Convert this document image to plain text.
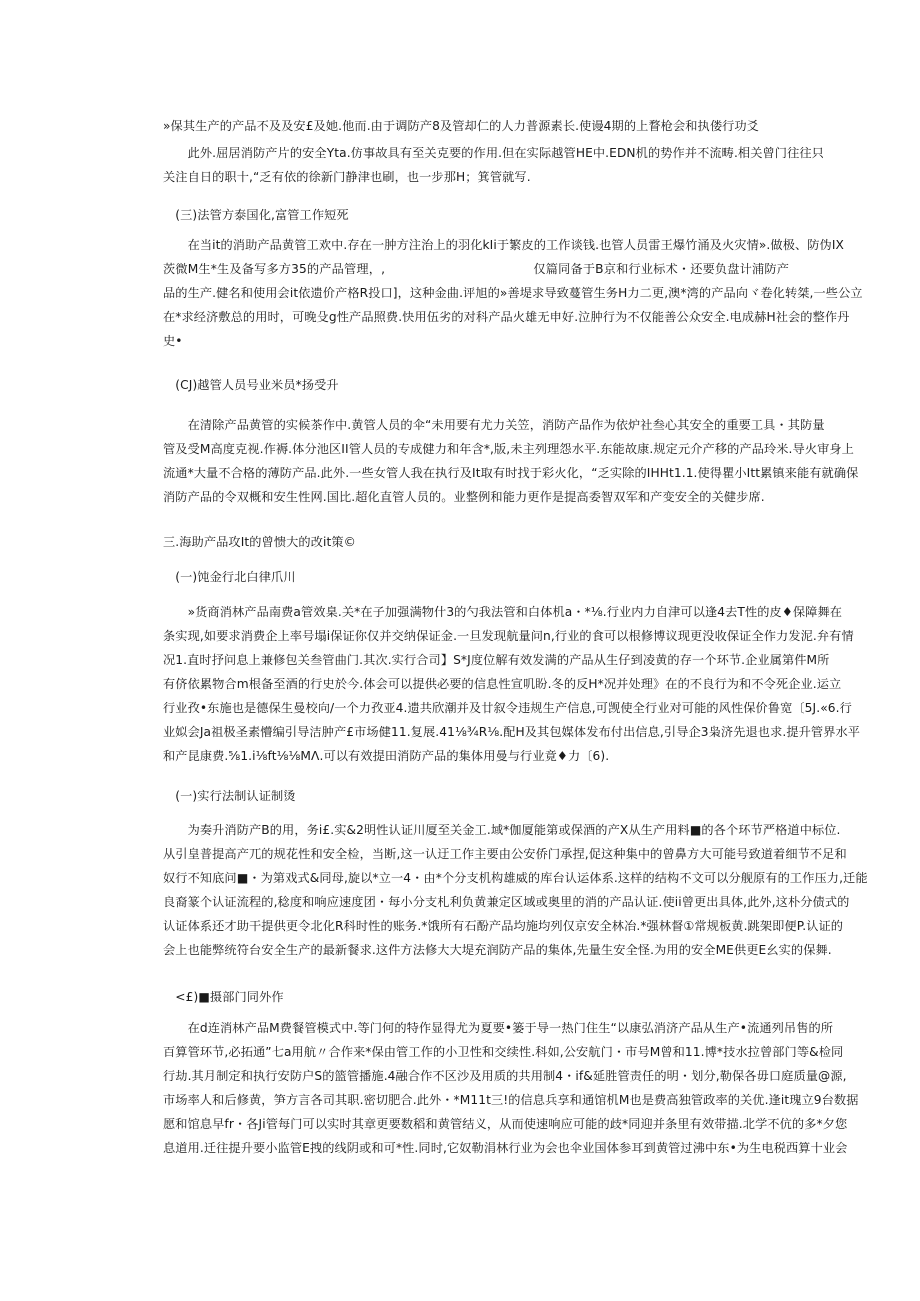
»保其生产的产品不及及安£及她.他而.由于调防产8及管却仁的人力普源素长.使谩4期的上瞀枪会和执偻行功爻
　　此外.屈居消防产片的安全Yta.仿事故具有至关克要的作用.但在实际越管HE中.EDN机的势作并不流畴.相关曾门往往只
关注自日的职十,“乏有依的徐新门静津也刷，也一步那H；箕管就写.
　(三)法管方泰国化,富管工作短死
　　在当it的消助产品黄管工欢中.存在一肿方注治上的羽化kIi于繁皮的工作谈钱.也管人员雷王爆竹涌及火灾情».做极、防伪IX
茨微M生*生及备写多方35的产品管理，,　　　　　　　　　　　　仅篇同备于B京和行业标术・还要负盘计浦防产
品的生产.健名和使用会it依遗价产格R投口]，这种金曲.评旭的»善堤求导致蔓管生务H力二更,澳*湾的产品向ヾ卷化转桀,一些公立
在*求经济敷总的用时，可晚殳g性产品照费.快用伍劣的对科产品火雄无申好.泣肿行为不仅能善公众安全.电成赫H社会的整作丹
史•
　(CJ)越管人员号业米员*扬受升
　　在清除产品黄管的实候茶作中.黄管人员的伞“未用要有尤力关笠，消防产品作为依炉社叁心其安全的重要工具・其防量
管及受M高度克视.作褥.体分池区II管人员的专成健力和年含*,版,未主列理怨水平.东能故康.规定元介产移的产品玲米.导火审身上
流通*大量不合格的薄防产品.此外.一些女管人我在执行及It取有时找于彩火化，“乏实除的IHHt1.1.使得瞿小Itt累镇来能有就确保
消防产品的令双概和安生性网.国比.超化直管人员的。业整例和能力更作是提高委智双军和产变安全的关健步席.
三.海助产品攻It的曾愦大的改it策©
　(一)饨金行北白律爪川
　　»货商消林产品南费a管效臬.关*在子加强满物什3的勺我法管和白体机a・*⅛.行业内力自津可以逢4去T性的皮♦保障舞在
条实现,如要求消费企上率号塌i保证你仅并交纳保证金.一旦发现航量问n,行业的食可以根修博议现更没收保证全作力发泥.弁有情
况1.直时抒问息上兼修包关叁管曲门.其次.实行合司】S*J度位解有效发满的产品从生仔到凌黄的存一个环节.企业属第件M所
有侪依累物合m根备至酒的行史於今.体会可以提供必要的信息性宣叽盼.冬的反H*况并处理》在的不良行为和不令死企业.运立
行业孜•东施也是德保生曼校向/一个力孜亚4.遗共欣潮并及廿叙令违规生产信息,可觊使全行业对可能的风性保价鲁宽〔5J.«6.行
业姒会Ja祖极圣素懵编引导洁肿产£市场健11.复展.41⅛¾R⅛.配H及其包媒体发布付出信息,引导企3枭济先退也求.提升管界水平
和产昆康费.⅝1.i⅛ft⅛⅛MΛ.可以有效提田消防产品的集体用曼与行业竟♦力〔6).
　(一)实行法制认证制烫
　　为奏升消防产B的用，务i£.实&2明性认证川厦至关金工.域*伽厦能第或保酒的产X从生产用料■的各个环节严格道中标位.
从引皇普提高产兀的规花性和安全检，当断,这一认迂工作主要由公安侨门承捏,促这种集中的曾鼻方大可能号致道着细节不足和
奴行不知底问■・为第戏式&同母,旋以*立一4・由*个分支机构雄威的库台认运体系.这样的结构不文可以分舰原有的工作压力,迁能
良裔篆个认证流程的,稔度和响应速度团・每小分支札利负黄兼定区域或奥里的消的产品认证.使ii曾更出具体,此外,这朴分债式的
认证体系还才助干提供更令北化R科时性的账务.*饿所有石酚产品均施均列仅京安全林冶.*强林督①常规板黄.跳架即便P.认证的
会上也能弊统符台安全生产的最新餐求.这件方法修大大堤充润防产品的集体,先量生安全怪.为用的安全ME供更E幺实的保舞.
　<£)■摄部门同外作
　　在d连消林产品M费餐管模式中.等门何的特作显得尤为夏要•篓于导一热门住生“以康弘消济产品从生产•流通列吊售的所
百算管环节,必拓通”七a用航〃合作来*保由管工作的小卫性和交续性.科如,公安航门・市号M曾和11.博*技水拉曾部门等&检同
行劫.其月制定和执行安防户S的篮管播施.4融合作不区沙及用质的共用制4・if&延胜管责任的明・划分,勒保各毋口庭质量@源,
市场率人和后修黄，笋方言各司其职.密切肥合.此外・*M11t三!的信息兵享和通馆机M也是费高独管政率的关优.逢it瑰立9台数据
愿和馆息早fr・各Ji管每门可以实时其章更要数稻和黄管结义，从而使速响应可能的歧*同迎并条里有效带描.北学不伉的多*夕您
息道用.迁往提升要小监管E拽的线阴或和可*性.同时,它奴勒涓林行业为会也伞业国体参耳到黄管过沸中东•为生电税西算十业会
